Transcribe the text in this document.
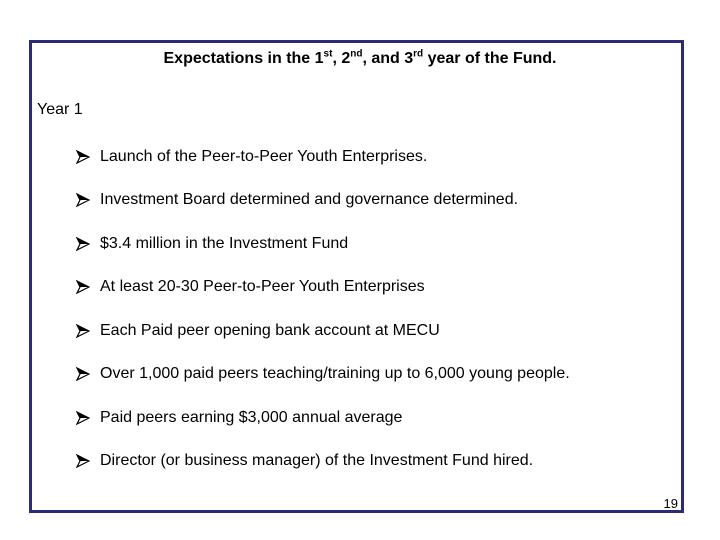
Expectations in the 1st, 2nd, and 3rd year of the Fund.
Year 1
Launch of the Peer-to-Peer Youth Enterprises.
Investment Board determined and governance determined.
$3.4 million in the Investment Fund
At least 20-30 Peer-to-Peer Youth Enterprises
Each Paid peer opening bank account at MECU
Over 1,000 paid peers teaching/training up to 6,000 young people.
Paid peers earning $3,000 annual average
Director (or business manager) of the Investment Fund hired.
19
